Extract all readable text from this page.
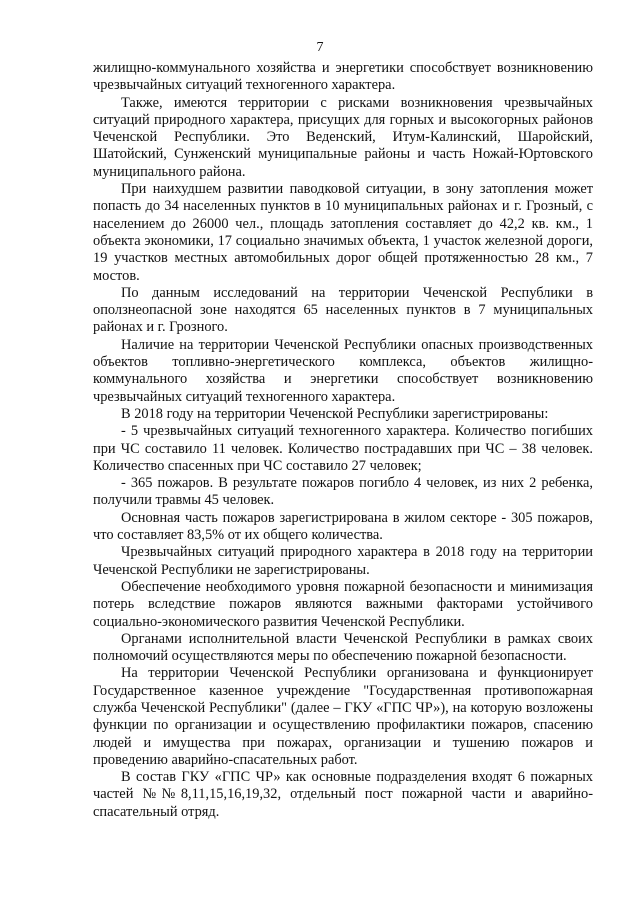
7

жилищно-коммунального хозяйства и энергетики способствует возникновению чрезвычайных ситуаций техногенного характера.

Также, имеются территории с рисками возникновения чрезвычайных ситуаций природного характера, присущих для горных и высокогорных районов Чеченской Республики. Это Веденский, Итум-Калинский, Шаройский, Шатойский, Сунженский муниципальные районы и часть Ножай-Юртовского муниципального района.

При наихудшем развитии паводковой ситуации, в зону затопления может попасть до 34 населенных пунктов в 10 муниципальных районах и г. Грозный, с населением до 26000 чел., площадь затопления составляет до 42,2 кв. км., 1 объекта экономики, 17 социально значимых объекта, 1 участок железной дороги, 19 участков местных автомобильных дорог общей протяженностью 28 км., 7 мостов.

По данным исследований на территории Чеченской Республики в оползнеопасной зоне находятся 65 населенных пунктов в 7 муниципальных районах и г. Грозного.

Наличие на территории Чеченской Республики опасных производственных объектов топливно-энергетического комплекса, объектов жилищно-коммунального хозяйства и энергетики способствует возникновению чрезвычайных ситуаций техногенного характера.

В 2018 году на территории Чеченской Республики зарегистрированы:

- 5 чрезвычайных ситуаций техногенного характера. Количество погибших при ЧС составило 11 человек. Количество пострадавших при ЧС – 38 человек. Количество спасенных при ЧС составило 27 человек;

- 365 пожаров. В результате пожаров погибло 4 человек, из них 2 ребенка, получили травмы 45 человек.

Основная часть пожаров зарегистрирована в жилом секторе - 305 пожаров, что составляет 83,5% от их общего количества.

Чрезвычайных ситуаций природного характера в 2018 году на территории Чеченской Республики не зарегистрированы.

Обеспечение необходимого уровня пожарной безопасности и минимизация потерь вследствие пожаров являются важными факторами устойчивого социально-экономического развития Чеченской Республики.

Органами исполнительной власти Чеченской Республики в рамках своих полномочий осуществляются меры по обеспечению пожарной безопасности.

На территории Чеченской Республики организована и функционирует Государственное казенное учреждение "Государственная противопожарная служба Чеченской Республики" (далее – ГКУ «ГПС ЧР»), на которую возложены функции по организации и осуществлению профилактики пожаров, спасению людей и имущества при пожарах, организации и тушению пожаров и проведению аварийно-спасательных работ.

В состав ГКУ «ГПС ЧР» как основные подразделения входят 6 пожарных частей №№8,11,15,16,19,32, отдельный пост пожарной части и аварийно-спасательный отряд.
